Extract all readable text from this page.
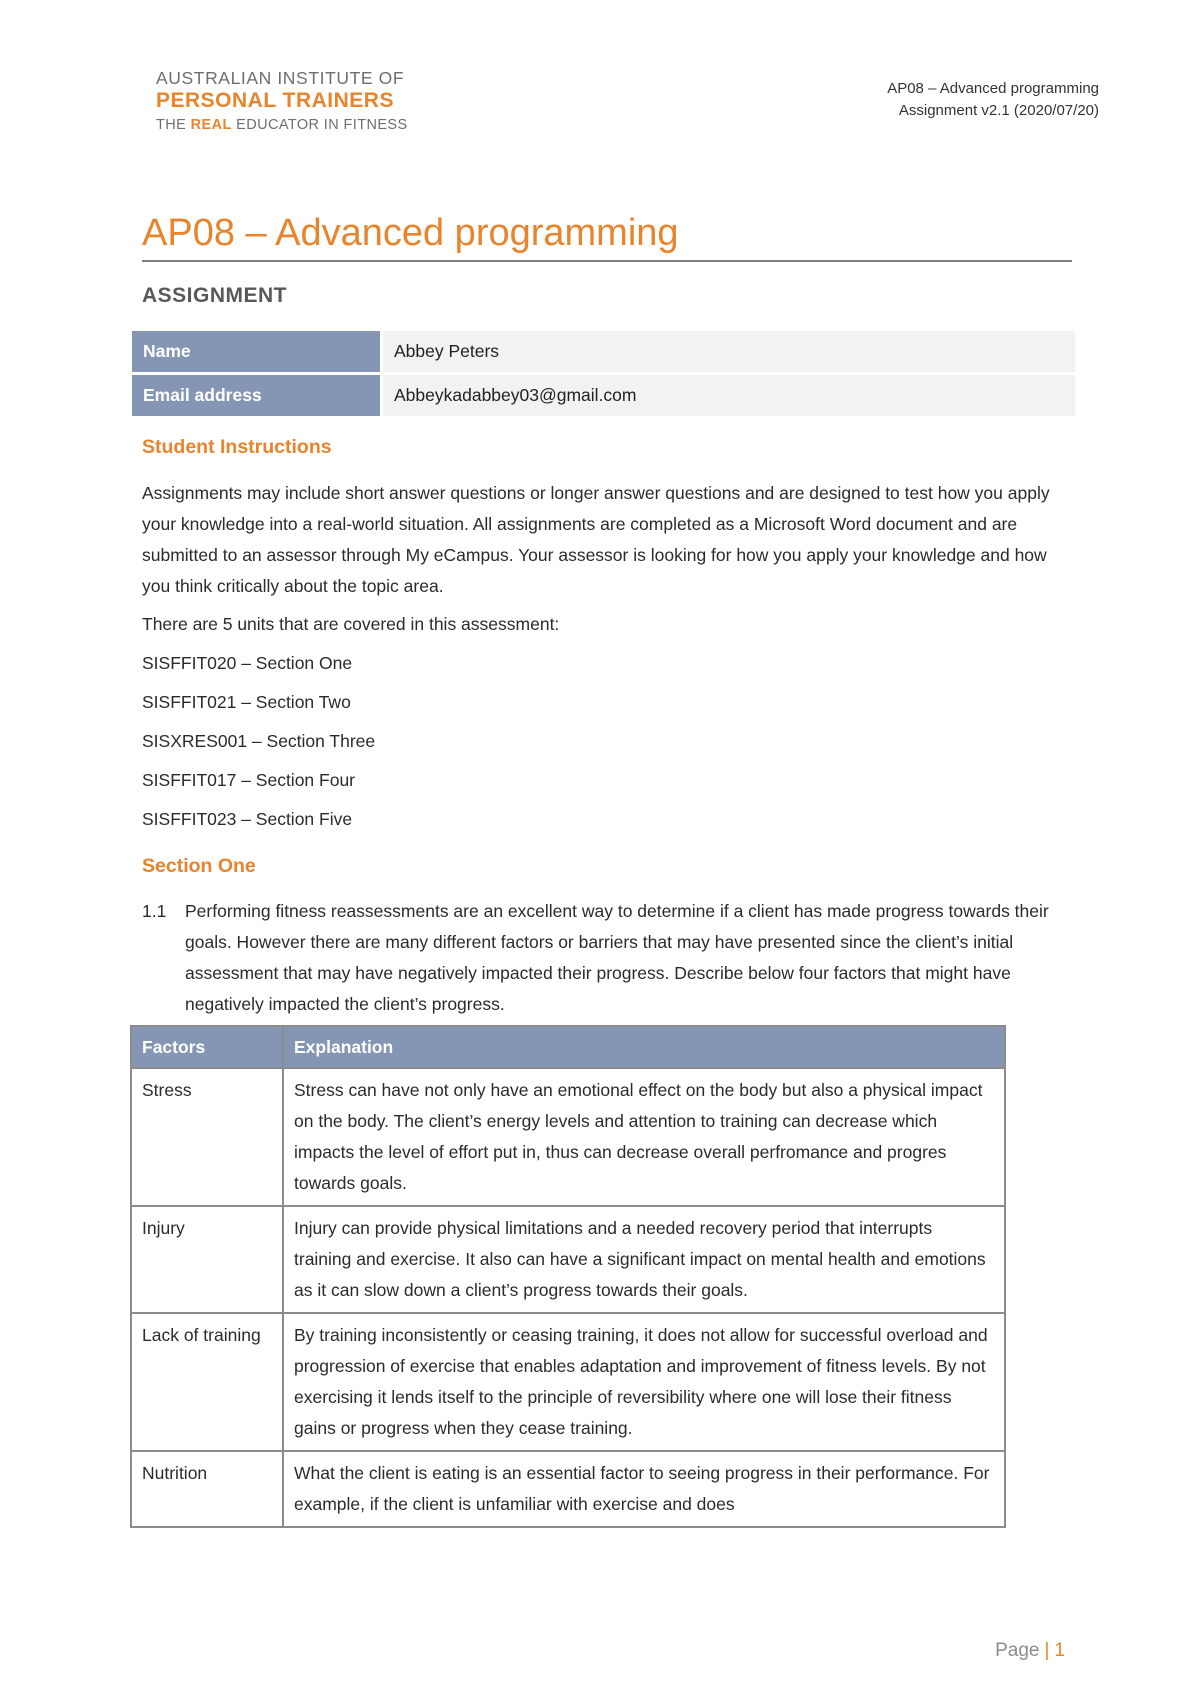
AUSTRALIAN INSTITUTE OF
PERSONAL TRAINERS
THE REAL EDUCATOR IN FITNESS
AP08 – Advanced programming
Assignment v2.1 (2020/07/20)
AP08 – Advanced programming
ASSIGNMENT
Name	Abbey Peters
Email address	Abbeykadabbey03@gmail.com
Student Instructions
Assignments may include short answer questions or longer answer questions and are designed to test how you apply your knowledge into a real-world situation. All assignments are completed as a Microsoft Word document and are submitted to an assessor through My eCampus. Your assessor is looking for how you apply your knowledge and how you think critically about the topic area.
There are 5 units that are covered in this assessment:
SISFFIT020 – Section One
SISFFIT021 – Section Two
SISXRES001 – Section Three
SISFFIT017 – Section Four
SISFFIT023 – Section Five
Section One
1.1 Performing fitness reassessments are an excellent way to determine if a client has made progress towards their goals. However there are many different factors or barriers that may have presented since the client’s initial assessment that may have negatively impacted their progress. Describe below four factors that might have negatively impacted the client’s progress.
Factors	Explanation
Stress	Stress can have not only have an emotional effect on the body but also a physical impact on the body. The client’s energy levels and attention to training can decrease which impacts the level of effort put in, thus can decrease overall perfromance and progres towards goals.
Injury	Injury can provide physical limitations and a needed recovery period that interrupts training and exercise. It also can have a significant impact on mental health and emotions as it can slow down a client’s progress towards their goals.
Lack of training	By training inconsistently or ceasing training, it does not allow for successful overload and progression of exercise that enables adaptation and improvement of fitness levels. By not exercising it lends itself to the principle of reversibility where one will lose their fitness gains or progress when they cease training.
Nutrition	What the client is eating is an essential factor to seeing progress in their performance. For example, if the client is unfamiliar with exercise and does
Page | 1
